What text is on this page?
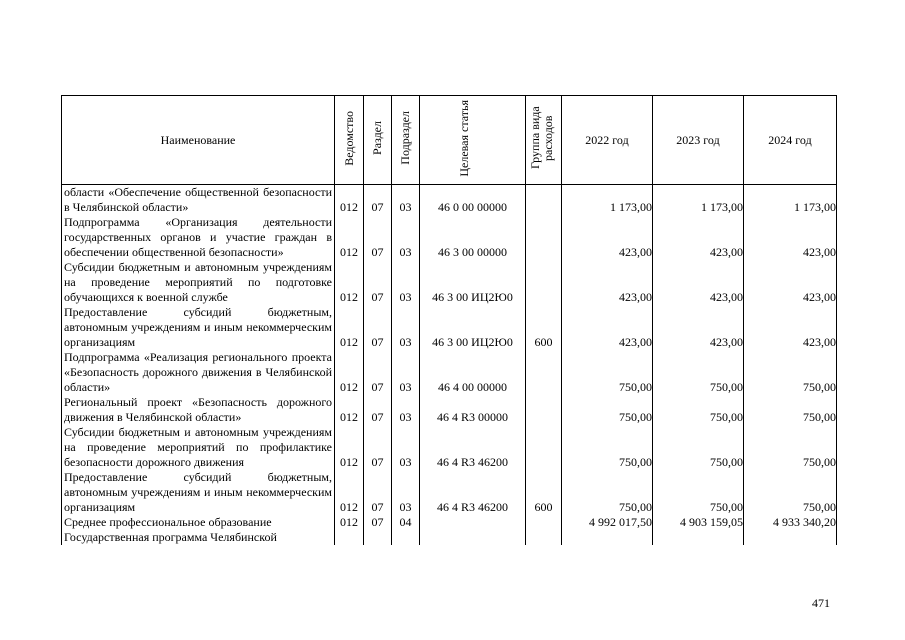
Наименование	Ведомство	Раздел	Подраздел	Целевая статья	Группа вида расходов	2022 год	2023 год	2024 год
области «Обеспечение общественной безопасности в Челябинской области»	012	07	03	46 0 00 00000		1 173,00	1 173,00	1 173,00
Подпрограмма «Организация деятельности государственных органов и участие граждан в обеспечении общественной безопасности»	012	07	03	46 3 00 00000		423,00	423,00	423,00
Субсидии бюджетным и автономным учреждениям на проведение мероприятий по подготовке обучающихся к военной службе	012	07	03	46 3 00 ИЦ2Ю0		423,00	423,00	423,00
Предоставление субсидий бюджетным, автономным учреждениям и иным некоммерческим организациям	012	07	03	46 3 00 ИЦ2Ю0	600	423,00	423,00	423,00
Подпрограмма «Реализация регионального проекта «Безопасность дорожного движения в Челябинской области»	012	07	03	46 4 00 00000		750,00	750,00	750,00
Региональный проект «Безопасность дорожного движения в Челябинской области»	012	07	03	46 4 R3 00000		750,00	750,00	750,00
Субсидии бюджетным и автономным учреждениям на проведение мероприятий по профилактике безопасности дорожного движения	012	07	03	46 4 R3 46200		750,00	750,00	750,00
Предоставление субсидий бюджетным, автономным учреждениям и иным некоммерческим организациям	012	07	03	46 4 R3 46200	600	750,00	750,00	750,00
Среднее профессиональное образование	012	07	04			4 992 017,50	4 903 159,05	4 933 340,20
Государственная программа Челябинской								
471
